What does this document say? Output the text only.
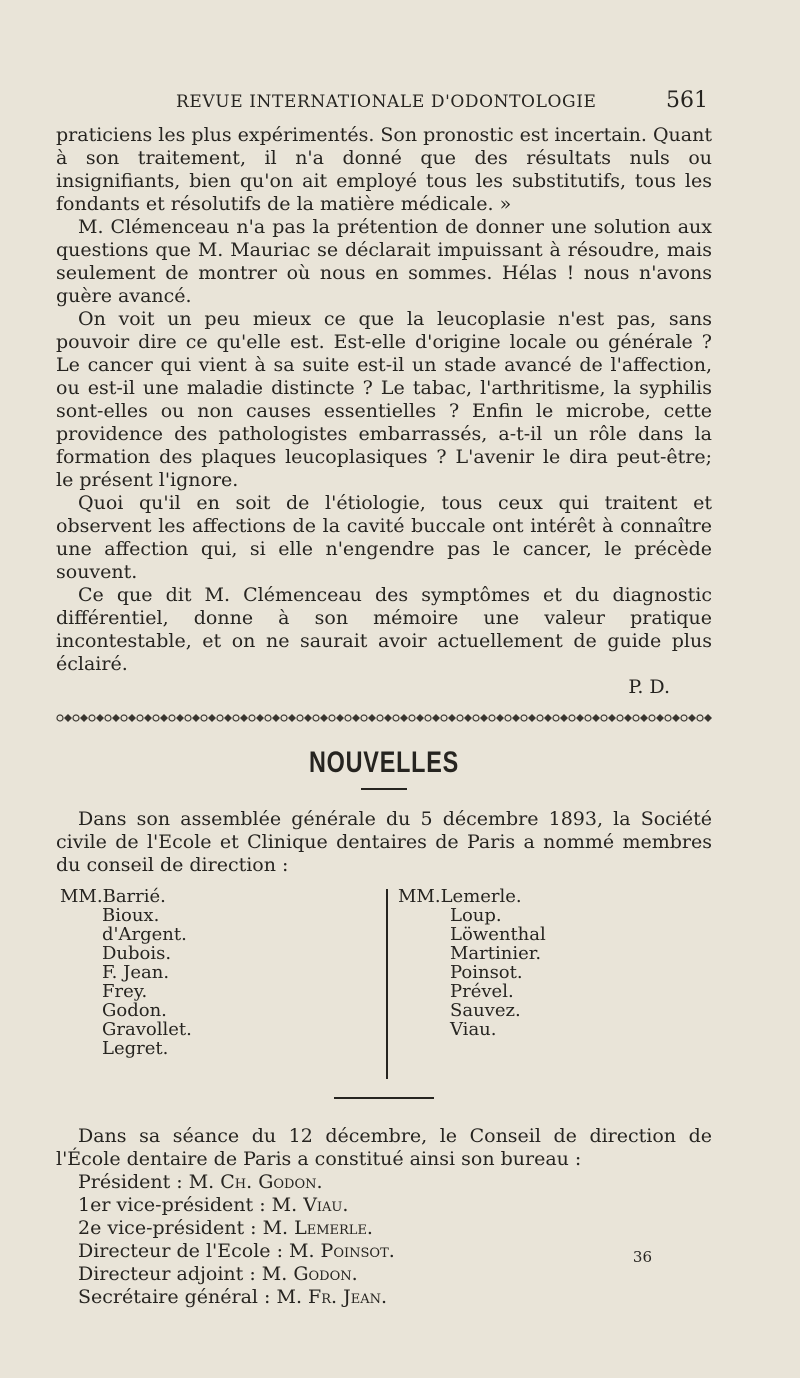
REVUE INTERNATIONALE D'ODONTOLOGIE	561

praticiens les plus expérimentés. Son pronostic est incertain. Quant à son traitement, il n'a donné que des résultats nuls ou insignifiants, bien qu'on ait employé tous les substitutifs, tous les fondants et résolutifs de la matière médicale. »

M. Clémenceau n'a pas la prétention de donner une solution aux questions que M. Mauriac se déclarait impuissant à résoudre, mais seulement de montrer où nous en sommes. Hélas ! nous n'avons guère avancé.

On voit un peu mieux ce que la leucoplasie n'est pas, sans pouvoir dire ce qu'elle est. Est-elle d'origine locale ou générale ? Le cancer qui vient à sa suite est-il un stade avancé de l'affection, ou est-il une maladie distincte ? Le tabac, l'arthritisme, la syphilis sont-elles ou non causes essentielles ? Enfin le microbe, cette providence des pathologistes embarrassés, a-t-il un rôle dans la formation des plaques leucoplasiques ? L'avenir le dira peut-être; le présent l'ignore.

Quoi qu'il en soit de l'étiologie, tous ceux qui traitent et observent les affections de la cavité buccale ont intérêt à connaître une affection qui, si elle n'engendre pas le cancer, le précède souvent.

Ce que dit M. Clémenceau des symptômes et du diagnostic différentiel, donne à son mémoire une valeur pratique incontestable, et on ne saurait avoir actuellement de guide plus éclairé.

P. D.
NOUVELLES

Dans son assemblée générale du 5 décembre 1893, la Société civile de l'Ecole et Clinique dentaires de Paris a nommé membres du conseil de direction :

MM.Barrié.
Bioux.
d'Argent.
Dubois.
F. Jean.
Frey.
Godon.
Gravollet.
Legret.
MM.Lemerle.
Loup.
Löwenthal
Martinier.
Poinsot.
Prével.
Sauvez.
Viau.

Dans sa séance du 12 décembre, le Conseil de direction de l'École dentaire de Paris a constitué ainsi son bureau :

Président : M. Ch. Godon.
1er vice-président : M. Viau.
2e vice-président : M. Lemerle.
Directeur de l'Ecole : M. Poinsot.
Directeur adjoint : M. Godon.
Secrétaire général : M. Fr. Jean.
36
